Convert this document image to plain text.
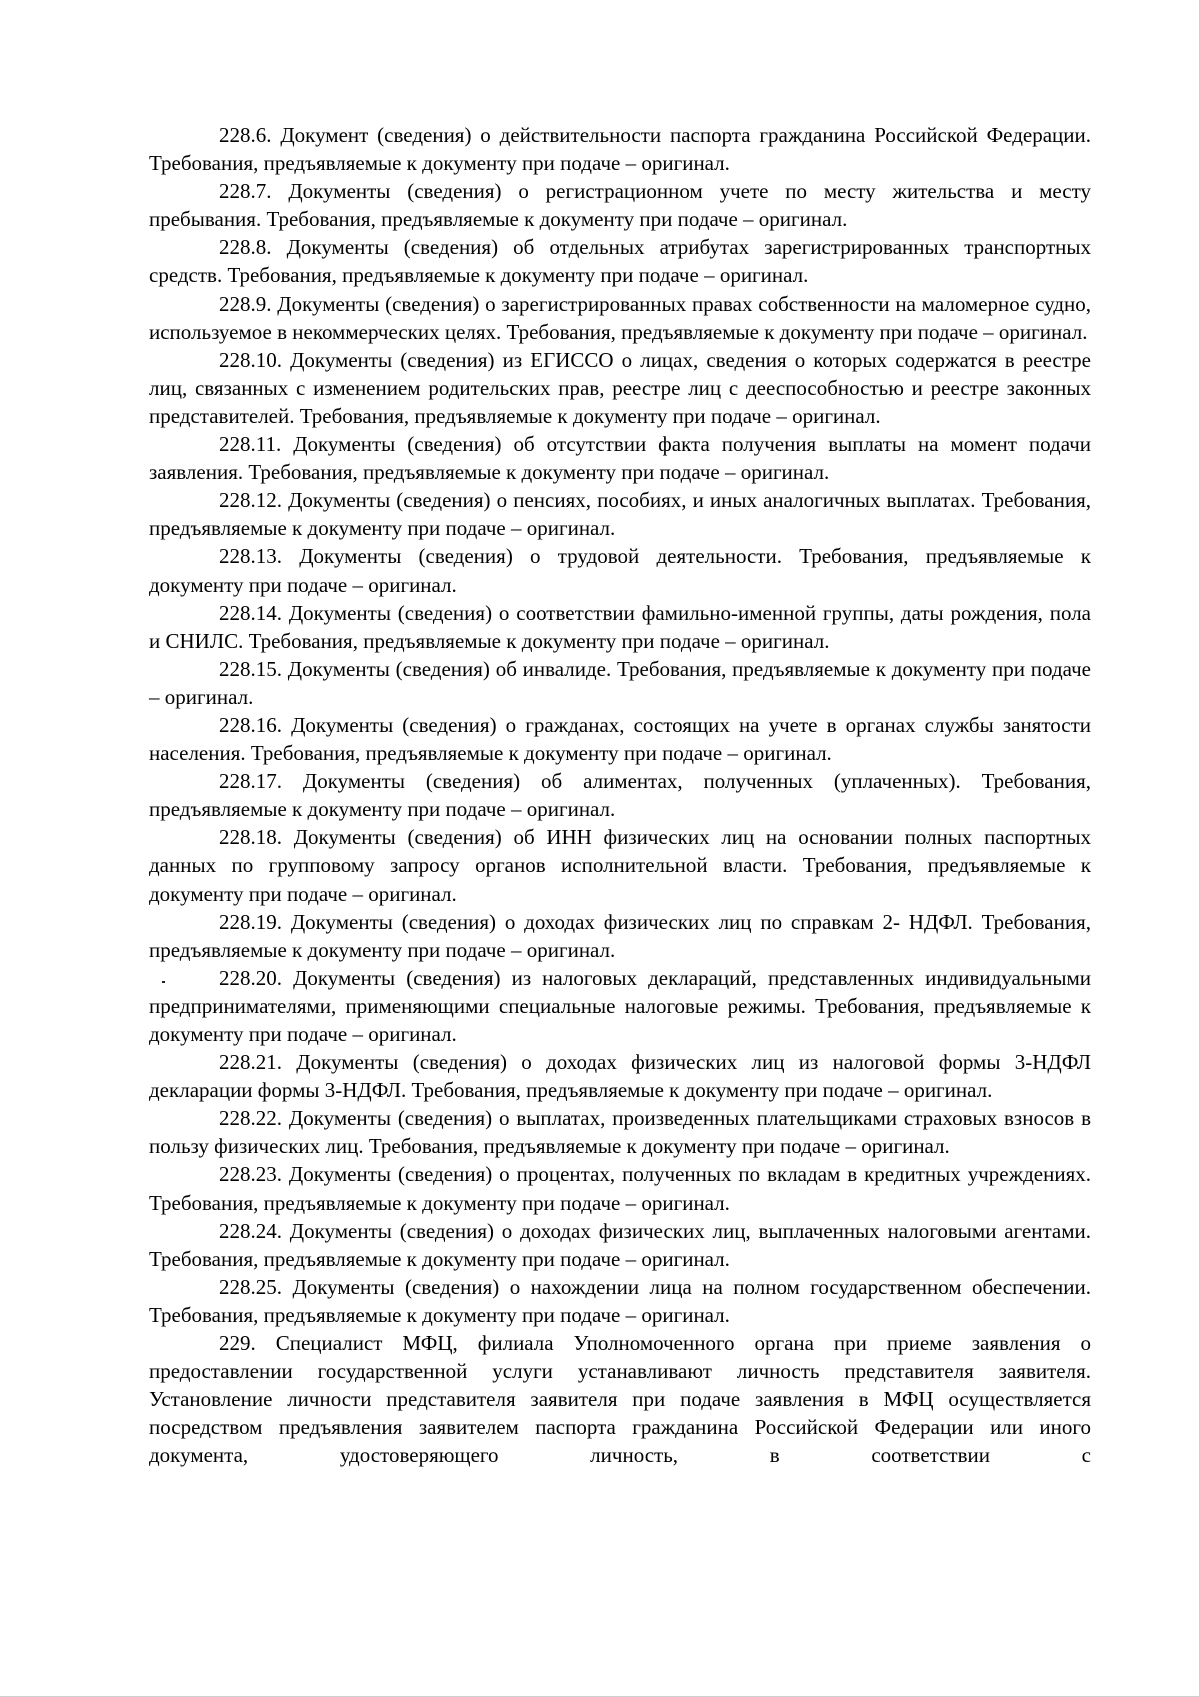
228.6. Документ (сведения) о действительности паспорта гражданина Российской Федерации. Требования, предъявляемые к документу при подаче – оригинал.

228.7. Документы (сведения) о регистрационном учете по месту жительства и месту пребывания. Требования, предъявляемые к документу при подаче – оригинал.

228.8. Документы (сведения) об отдельных атрибутах зарегистрированных транспортных средств. Требования, предъявляемые к документу при подаче – оригинал.

228.9. Документы (сведения) о зарегистрированных правах собственности на маломерное судно, используемое в некоммерческих целях. Требования, предъявляемые к документу при подаче – оригинал.

228.10. Документы (сведения) из ЕГИССО о лицах, сведения о которых содержатся в реестре лиц, связанных с изменением родительских прав, реестре лиц с дееспособностью и реестре законных представителей. Требования, предъявляемые к документу при подаче – оригинал.

228.11. Документы (сведения) об отсутствии факта получения выплаты на момент подачи заявления. Требования, предъявляемые к документу при подаче – оригинал.

228.12. Документы (сведения) о пенсиях, пособиях, и иных аналогичных выплатах. Требования, предъявляемые к документу при подаче – оригинал.

228.13. Документы (сведения) о трудовой деятельности. Требования, предъявляемые к документу при подаче – оригинал.

228.14. Документы (сведения) о соответствии фамильно-именной группы, даты рождения, пола и СНИЛС. Требования, предъявляемые к документу при подаче – оригинал.

228.15. Документы (сведения) об инвалиде. Требования, предъявляемые к документу при подаче – оригинал.

228.16. Документы (сведения) о гражданах, состоящих на учете в органах службы занятости населения. Требования, предъявляемые к документу при подаче – оригинал.

228.17. Документы (сведения) об алиментах, полученных (уплаченных). Требования, предъявляемые к документу при подаче – оригинал.

228.18. Документы (сведения) об ИНН физических лиц на основании полных паспортных данных по групповому запросу органов исполнительной власти. Требования, предъявляемые к документу при подаче – оригинал.

228.19. Документы (сведения) о доходах физических лиц по справкам 2- НДФЛ. Требования, предъявляемые к документу при подаче – оригинал.

228.20. Документы (сведения) из налоговых деклараций, представленных индивидуальными предпринимателями, применяющими специальные налоговые режимы. Требования, предъявляемые к документу при подаче – оригинал.

228.21. Документы (сведения) о доходах физических лиц из налоговой формы 3-НДФЛ декларации формы 3-НДФЛ. Требования, предъявляемые к документу при подаче – оригинал.

228.22. Документы (сведения) о выплатах, произведенных плательщиками страховых взносов в пользу физических лиц. Требования, предъявляемые к документу при подаче – оригинал.

228.23. Документы (сведения) о процентах, полученных по вкладам в кредитных учреждениях. Требования, предъявляемые к документу при подаче – оригинал.

228.24. Документы (сведения) о доходах физических лиц, выплаченных налоговыми агентами. Требования, предъявляемые к документу при подаче – оригинал.

228.25. Документы (сведения) о нахождении лица на полном государственном обеспечении. Требования, предъявляемые к документу при подаче – оригинал.

229. Специалист МФЦ, филиала Уполномоченного органа при приеме заявления о предоставлении государственной услуги устанавливают личность представителя заявителя. Установление личности представителя заявителя при подаче заявления в МФЦ осуществляется посредством предъявления заявителем паспорта гражданина Российской Федерации или иного документа, удостоверяющего личность, в соответствии с
